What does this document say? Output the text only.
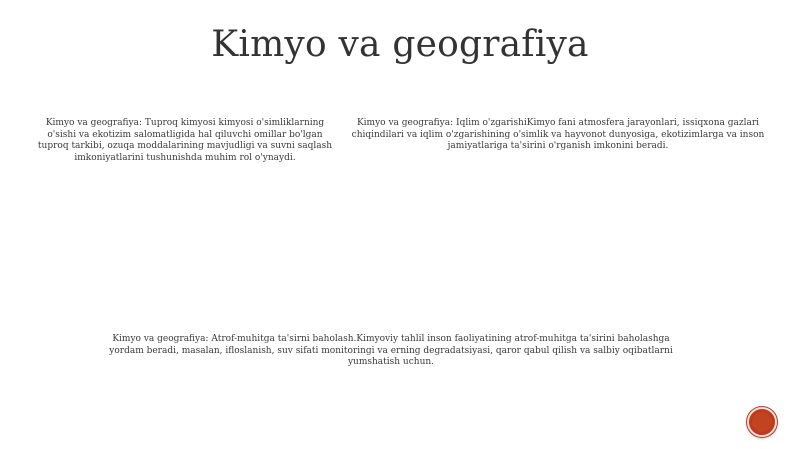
Kimyo va geografiya
Kimyo va geografiya: Tuproq kimyosi kimyosi o'simliklarning o'sishi va ekotizim salomatligida hal qiluvchi omillar bo'lgan tuproq tarkibi, ozuqa moddalarining mavjudligi va suvni saqlash imkoniyatlarini tushunishda muhim rol o'ynaydi.
Kimyo va geografiya: Iqlim o'zgarishiKimyo fani atmosfera jarayonlari, issiqxona gazlari chiqindilari va iqlim o'zgarishining o'simlik va hayvonot dunyosiga, ekotizimlarga va inson jamiyatlariga ta'sirini o'rganish imkonini beradi.
Kimyo va geografiya: Atrof-muhitga ta'sirni baholash.Kimyoviy tahlil inson faoliyatining atrof-muhitga ta'sirini baholashga yordam beradi, masalan, ifloslanish, suv sifati monitoringi va erning degradatsiyasi, qaror qabul qilish va salbiy oqibatlarni yumshatish uchun.
